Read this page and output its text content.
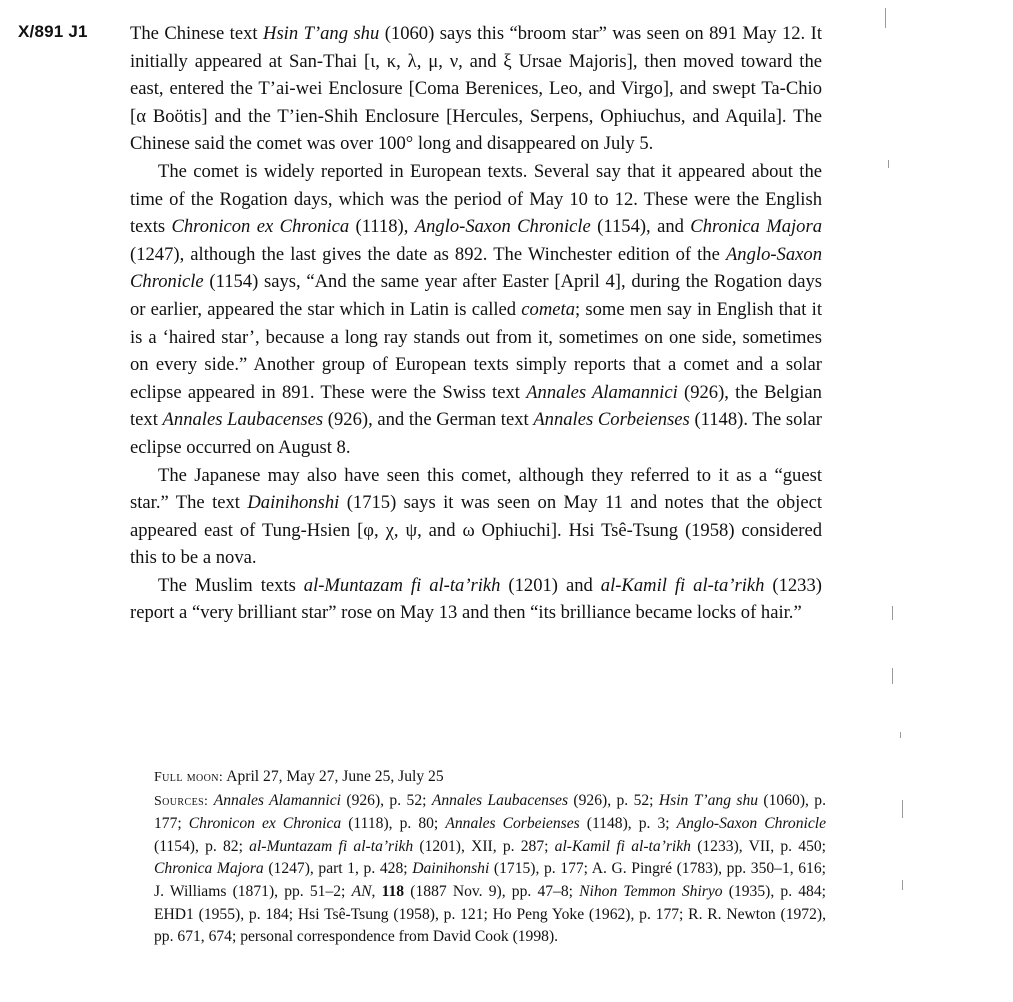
X/891 J1 The Chinese text Hsin T’ang shu (1060) says this “broom star” was seen on 891 May 12. It initially appeared at San-Thai [ι, κ, λ, μ, ν, and ξ Ursae Majoris], then moved toward the east, entered the T’ai-wei Enclosure [Coma Berenices, Leo, and Virgo], and swept Ta-Chio [α Boötis] and the T’ien-Shih Enclosure [Hercules, Serpens, Ophiuchus, and Aquila]. The Chinese said the comet was over 100° long and disappeared on July 5.

The comet is widely reported in European texts. Several say that it appeared about the time of the Rogation days, which was the period of May 10 to 12. These were the English texts Chronicon ex Chronica (1118), Anglo-Saxon Chronicle (1154), and Chronica Majora (1247), although the last gives the date as 892. The Winchester edition of the Anglo-Saxon Chronicle (1154) says, “And the same year after Easter [April 4], during the Rogation days or earlier, appeared the star which in Latin is called cometa; some men say in English that it is a ‘haired star’, because a long ray stands out from it, sometimes on one side, sometimes on every side.” Another group of European texts simply reports that a comet and a solar eclipse appeared in 891. These were the Swiss text Annales Alamannici (926), the Belgian text Annales Laubacenses (926), and the German text Annales Corbeienses (1148). The solar eclipse occurred on August 8.

The Japanese may also have seen this comet, although they referred to it as a “guest star.” The text Dainihonshi (1715) says it was seen on May 11 and notes that the object appeared east of Tung-Hsien [φ, χ, ψ, and ω Ophiuchi]. Hsi Tsê-Tsung (1958) considered this to be a nova.

The Muslim texts al-Muntazam fi al-ta’rikh (1201) and al-Kamil fi al-ta’rikh (1233) report a “very brilliant star” rose on May 13 and then “its brilliance became locks of hair.”

Full moon: April 27, May 27, June 25, July 25

Sources: Annales Alamannici (926), p. 52; Annales Laubacenses (926), p. 52; Hsin T’ang shu (1060), p. 177; Chronicon ex Chronica (1118), p. 80; Annales Corbeienses (1148), p. 3; Anglo-Saxon Chronicle (1154), p. 82; al-Muntazam fi al-ta’rikh (1201), XII, p. 287; al-Kamil fi al-ta’rikh (1233), VII, p. 450; Chronica Majora (1247), part 1, p. 428; Dainihonshi (1715), p. 177; A. G. Pingré (1783), pp. 350–1, 616; J. Williams (1871), pp. 51–2; AN, 118 (1887 Nov. 9), pp. 47–8; Nihon Temmon Shiryo (1935), p. 484; EHD1 (1955), p. 184; Hsi Tsê-Tsung (1958), p. 121; Ho Peng Yoke (1962), p. 177; R. R. Newton (1972), pp. 671, 674; personal correspondence from David Cook (1998).
